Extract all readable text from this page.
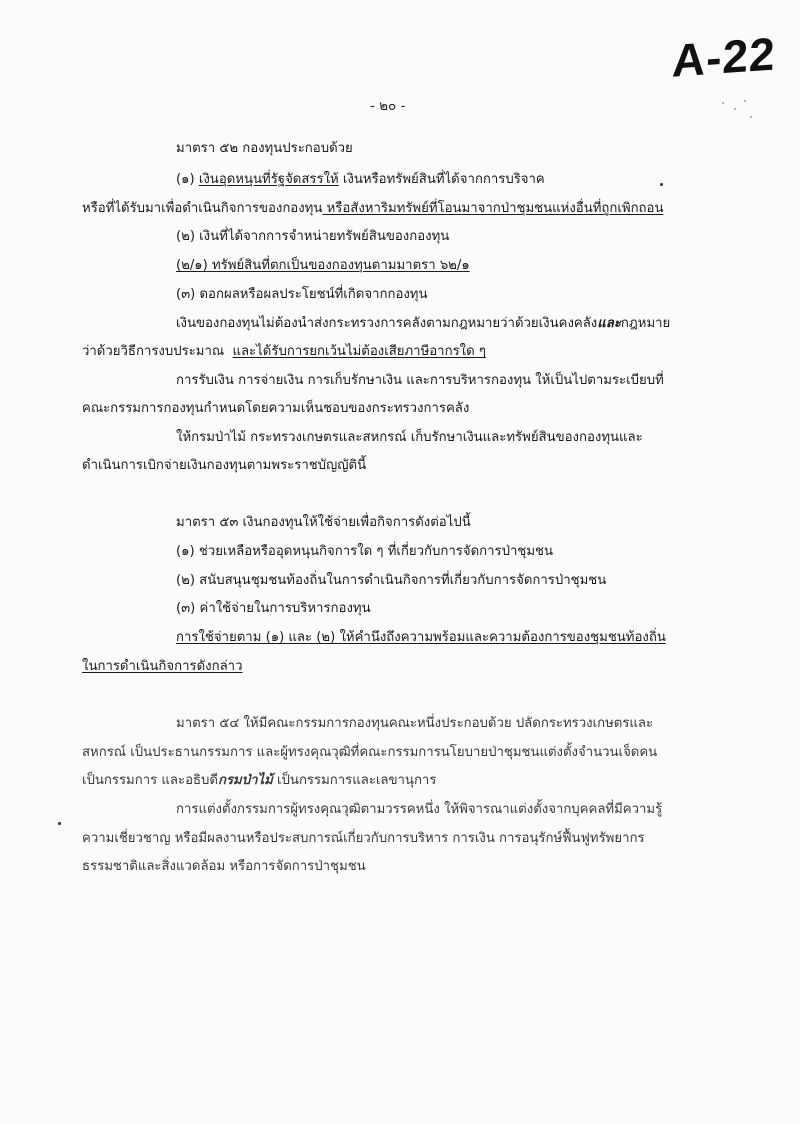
A-22
- ๒๐ -
มาตรา ๕๒ กองทุนประกอบด้วย
(๑) เงินอุดหนุนที่รัฐจัดสรรให้ เงินหรือทรัพย์สินที่ได้จากการบริจาค
หรือที่ได้รับมาเพื่อดำเนินกิจการของกองทุน หรือสังหาริมทรัพย์ที่โอนมาจากป่าชุมชนแห่งอื่นที่ถูกเพิกถอน
(๒) เงินที่ได้จากการจำหน่ายทรัพย์สินของกองทุน
(๒/๑) ทรัพย์สินที่ตกเป็นของกองทุนตามมาตรา ๖๒/๑
(๓) ดอกผลหรือผลประโยชน์ที่เกิดจากกองทุน
เงินของกองทุนไม่ต้องนำส่งกระทรวงการคลังตามกฎหมายว่าด้วยเงินคงคลังและกฎหมาย
ว่าด้วยวิธีการงบประมาณ และได้รับการยกเว้นไม่ต้องเสียภาษีอากรใด ๆ
การรับเงิน การจ่ายเงิน การเก็บรักษาเงิน และการบริหารกองทุน ให้เป็นไปตามระเบียบที่
คณะกรรมการกองทุนกำหนดโดยความเห็นชอบของกระทรวงการคลัง
ให้กรมป่าไม้ กระทรวงเกษตรและสหกรณ์ เก็บรักษาเงินและทรัพย์สินของกองทุนและ
ดำเนินการเบิกจ่ายเงินกองทุนตามพระราชบัญญัตินี้
มาตรา ๕๓ เงินกองทุนให้ใช้จ่ายเพื่อกิจการดังต่อไปนี้
(๑) ช่วยเหลือหรืออุดหนุนกิจการใด ๆ ที่เกี่ยวกับการจัดการป่าชุมชน
(๒) สนับสนุนชุมชนท้องถิ่นในการดำเนินกิจการที่เกี่ยวกับการจัดการป่าชุมชน
(๓) ค่าใช้จ่ายในการบริหารกองทุน
การใช้จ่ายตาม (๑) และ (๒) ให้คำนึงถึงความพร้อมและความต้องการของชุมชนท้องถิ่น
ในการดำเนินกิจการดังกล่าว
มาตรา ๕๔ ให้มีคณะกรรมการกองทุนคณะหนึ่งประกอบด้วย ปลัดกระทรวงเกษตรและ
สหกรณ์ เป็นประธานกรรมการ และผู้ทรงคุณวุฒิที่คณะกรรมการนโยบายป่าชุมชนแต่งตั้งจำนวนเจ็ดคน
เป็นกรรมการ และอธิบดีกรมป่าไม้ เป็นกรรมการและเลขานุการ
การแต่งตั้งกรรมการผู้ทรงคุณวุฒิตามวรรคหนึ่ง ให้พิจารณาแต่งตั้งจากบุคคลที่มีความรู้
ความเชี่ยวชาญ หรือมีผลงานหรือประสบการณ์เกี่ยวกับการบริหาร การเงิน การอนุรักษ์ฟื้นฟูทรัพยากร
ธรรมชาติและสิ่งแวดล้อม หรือการจัดการป่าชุมชน
